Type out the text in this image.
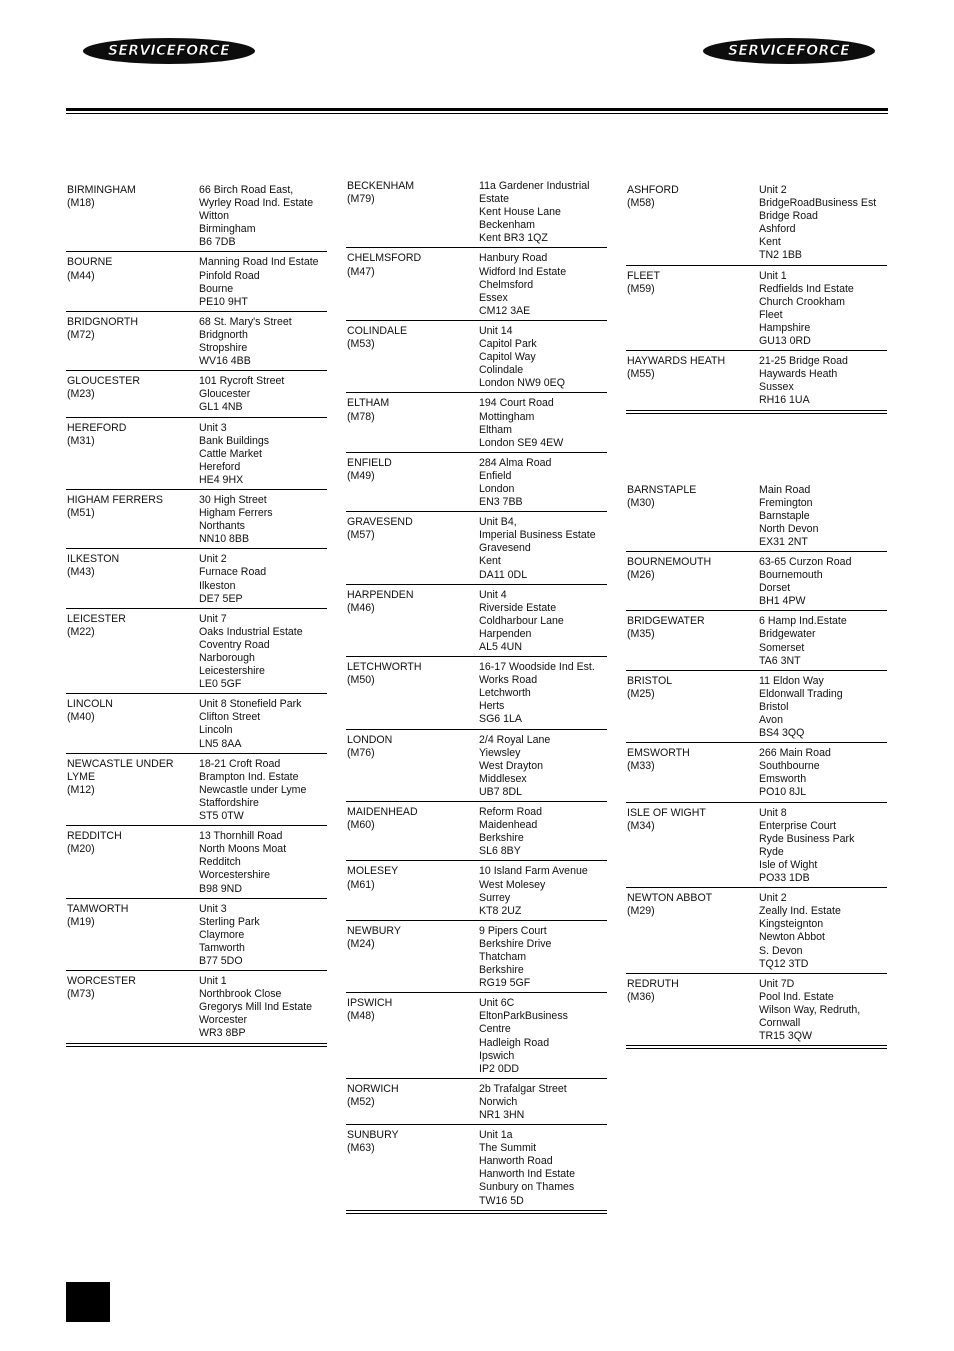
SERVICEFORCE	SERVICEFORCE
BIRMINGHAM
(M18)
66 Birch Road East,
Wyrley Road Ind. Estate
Witton
Birmingham
B6 7DB
BOURNE
(M44)
Manning Road Ind Estate
Pinfold Road
Bourne
PE10 9HT
BRIDGNORTH
(M72)
68 St. Mary's Street
Bridgnorth
Stropshire
WV16 4BB
GLOUCESTER
(M23)
101 Rycroft Street
Gloucester
GL1 4NB
HEREFORD
(M31)
Unit 3
Bank Buildings
Cattle Market
Hereford
HE4 9HX
HIGHAM FERRERS
(M51)
30 High Street
Higham Ferrers
Northants
NN10 8BB
ILKESTON
(M43)
Unit 2
Furnace Road
Ilkeston
DE7 5EP
LEICESTER
(M22)
Unit 7
Oaks Industrial Estate
Coventry Road
Narborough
Leicestershire
LE0 5GF
LINCOLN
(M40)
Unit 8 Stonefield Park
Clifton Street
Lincoln
LN5 8AA
NEWCASTLE UNDER
LYME
(M12)
18-21 Croft Road
Brampton Ind. Estate
Newcastle under Lyme
Staffordshire
ST5 0TW
REDDITCH
(M20)
13 Thornhill Road
North Moons Moat
Redditch
Worcestershire
B98 9ND
TAMWORTH
(M19)
Unit 3
Sterling Park
Claymore
Tamworth
B77 5DO
WORCESTER
(M73)
Unit 1
Northbrook Close
Gregorys Mill Ind Estate
Worcester
WR3 8BP
BECKENHAM
(M79)
11a Gardener Industrial
Estate
Kent House Lane
Beckenham
Kent BR3 1QZ
CHELMSFORD
(M47)
Hanbury Road
Widford Ind Estate
Chelmsford
Essex
CM12 3AE
COLINDALE
(M53)
Unit 14
Capitol Park
Capitol Way
Colindale
London NW9 0EQ
ELTHAM
(M78)
194 Court Road
Mottingham
Eltham
London SE9 4EW
ENFIELD
(M49)
284 Alma Road
Enfield
London
EN3 7BB
GRAVESEND
(M57)
Unit B4,
Imperial Business Estate
Gravesend
Kent
DA11 0DL
HARPENDEN
(M46)
Unit 4
Riverside Estate
Coldharbour Lane
Harpenden
AL5 4UN
LETCHWORTH
(M50)
16-17 Woodside Ind Est.
Works Road
Letchworth
Herts
SG6 1LA
LONDON
(M76)
2/4 Royal Lane
Yiewsley
West Drayton
Middlesex
UB7 8DL
MAIDENHEAD
(M60)
Reform Road
Maidenhead
Berkshire
SL6 8BY
MOLESEY
(M61)
10 Island Farm Avenue
West Molesey
Surrey
KT8 2UZ
NEWBURY
(M24)
9 Pipers Court
Berkshire Drive
Thatcham
Berkshire
RG19 5GF
IPSWICH
(M48)
Unit 6C
EltonParkBusiness
Centre
Hadleigh Road
Ipswich
IP2 0DD
NORWICH
(M52)
2b Trafalgar Street
Norwich
NR1 3HN
SUNBURY
(M63)
Unit 1a
The Summit
Hanworth Road
Hanworth Ind Estate
Sunbury on Thames
TW16 5D
ASHFORD
(M58)
Unit 2
BridgeRoadBusiness Est
Bridge Road
Ashford
Kent
TN2 1BB
FLEET
(M59)
Unit 1
Redfields Ind Estate
Church Crookham
Fleet
Hampshire
GU13 0RD
HAYWARDS HEATH
(M55)
21-25 Bridge Road
Haywards Heath
Sussex
RH16 1UA
BARNSTAPLE
(M30)
Main Road
Fremington
Barnstaple
North Devon
EX31 2NT
BOURNEMOUTH
(M26)
63-65 Curzon Road
Bournemouth
Dorset
BH1 4PW
BRIDGEWATER
(M35)
6 Hamp Ind.Estate
Bridgewater
Somerset
TA6 3NT
BRISTOL
(M25)
11 Eldon Way
Eldonwall Trading
Bristol
Avon
BS4 3QQ
EMSWORTH
(M33)
266 Main Road
Southbourne
Emsworth
PO10 8JL
ISLE OF WIGHT
(M34)
Unit 8
Enterprise Court
Ryde Business Park
Ryde
Isle of Wight
PO33 1DB
NEWTON ABBOT
(M29)
Unit 2
Zeally Ind. Estate
Kingsteignton
Newton Abbot
S. Devon
TQ12 3TD
REDRUTH
(M36)
Unit 7D
Pool Ind. Estate
Wilson Way, Redruth,
Cornwall
TR15 3QW
